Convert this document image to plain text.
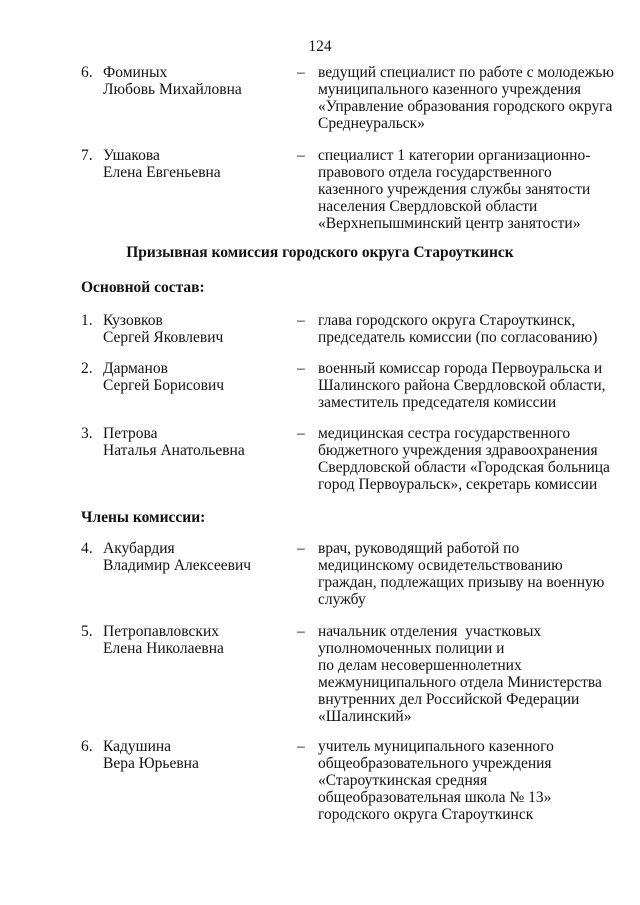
124
6. Фоминых
Любовь Михайловна
– ведущий специалист по работе с молодежью
муниципального казенного учреждения
«Управление образования городского округа
Среднеуральск»
7. Ушакова
Елена Евгеньевна
– специалист 1 категории организационно-
правового отдела государственного
казенного учреждения службы занятости
населения Свердловской области
«Верхнепышминский центр занятости»
Призывная комиссия городского округа Староуткинск
Основной состав:
1. Кузовков
Сергей Яковлевич
– глава городского округа Староуткинск,
председатель комиссии (по согласованию)
2. Дарманов
Сергей Борисович
– военный комиссар города Первоуральска и
Шалинского района Свердловской области,
заместитель председателя комиссии
3. Петрова
Наталья Анатольевна
– медицинская сестра государственного
бюджетного учреждения здравоохранения
Свердловской области «Городская больница
город Первоуральск», секретарь комиссии
Члены комиссии:
4. Акубардия
Владимир Алексеевич
– врач, руководящий работой по
медицинскому освидетельствованию
граждан, подлежащих призыву на военную
службу
5. Петропавловских
Елена Николаевна
– начальник отделения  участковых
уполномоченных полиции и
по делам несовершеннолетних
межмуниципального отдела Министерства
внутренних дел Российской Федерации
«Шалинский»
6. Кадушина
Вера Юрьевна
– учитель муниципального казенного
общеобразовательного учреждения
«Староуткинская средняя
общеобразовательная школа № 13»
городского округа Староуткинск
